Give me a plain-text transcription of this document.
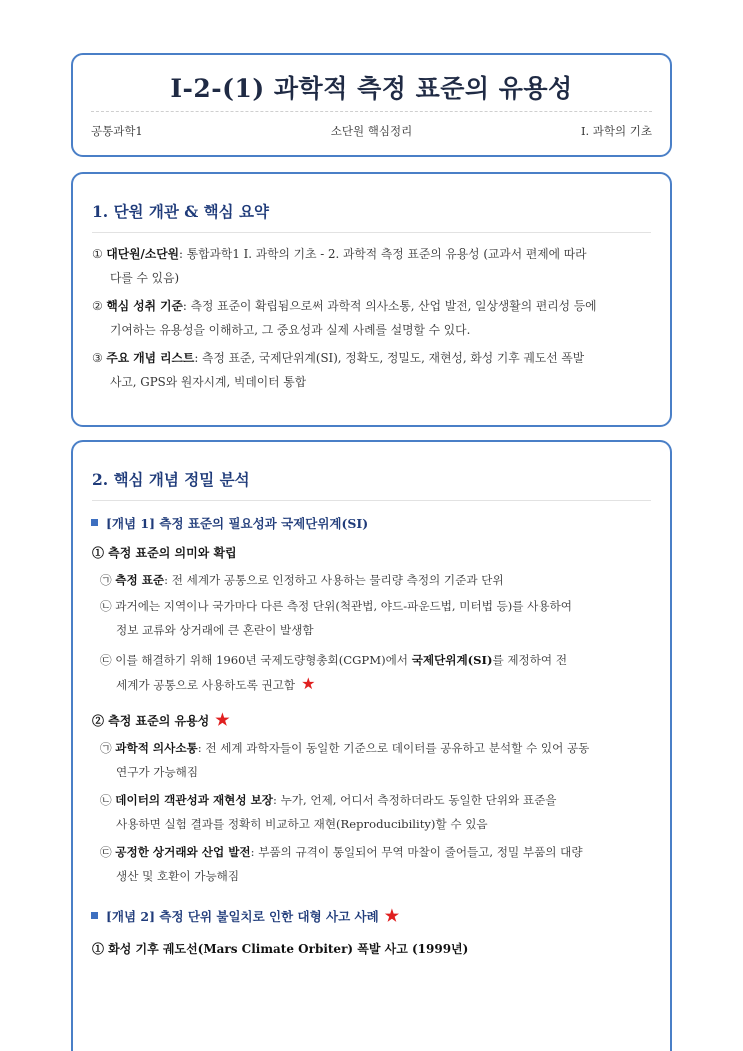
Ⅰ-2-(1) 과학적 측정 표준의 유용성
공통과학1	소단원 핵심정리	Ⅰ. 과학의 기초
1. 단원 개관 & 핵심 요약
① 대단원/소단원: 통합과학1 Ⅰ. 과학의 기초 - 2. 과학적 측정 표준의 유용성 (교과서 편제에 따라
다를 수 있음)
② 핵심 성취 기준: 측정 표준이 확립됨으로써 과학적 의사소통, 산업 발전, 일상생활의 편리성 등에
기여하는 유용성을 이해하고, 그 중요성과 실제 사례를 설명할 수 있다.
③ 주요 개념 리스트: 측정 표준, 국제단위계(SI), 정확도, 정밀도, 재현성, 화성 기후 궤도선 폭발
사고, GPS와 원자시계, 빅데이터 통합
2. 핵심 개념 정밀 분석
[개념 1] 측정 표준의 필요성과 국제단위계(SI)
① 측정 표준의 의미와 확립
㉠ 측정 표준: 전 세계가 공통으로 인정하고 사용하는 물리량 측정의 기준과 단위
㉡ 과거에는 지역이나 국가마다 다른 측정 단위(척관법, 야드-파운드법, 미터법 등)를 사용하여
정보 교류와 상거래에 큰 혼란이 발생함
㉢ 이를 해결하기 위해 1960년 국제도량형총회(CGPM)에서 국제단위계(SI)를 제정하여 전
세계가 공통으로 사용하도록 권고함 ★
② 측정 표준의 유용성 ★
㉠ 과학적 의사소통: 전 세계 과학자들이 동일한 기준으로 데이터를 공유하고 분석할 수 있어 공동
연구가 가능해짐
㉡ 데이터의 객관성과 재현성 보장: 누가, 언제, 어디서 측정하더라도 동일한 단위와 표준을
사용하면 실험 결과를 정확히 비교하고 재현(Reproducibility)할 수 있음
㉢ 공정한 상거래와 산업 발전: 부품의 규격이 통일되어 무역 마찰이 줄어들고, 정밀 부품의 대량
생산 및 호환이 가능해짐
[개념 2] 측정 단위 불일치로 인한 대형 사고 사례 ★
① 화성 기후 궤도선(Mars Climate Orbiter) 폭발 사고 (1999년)
